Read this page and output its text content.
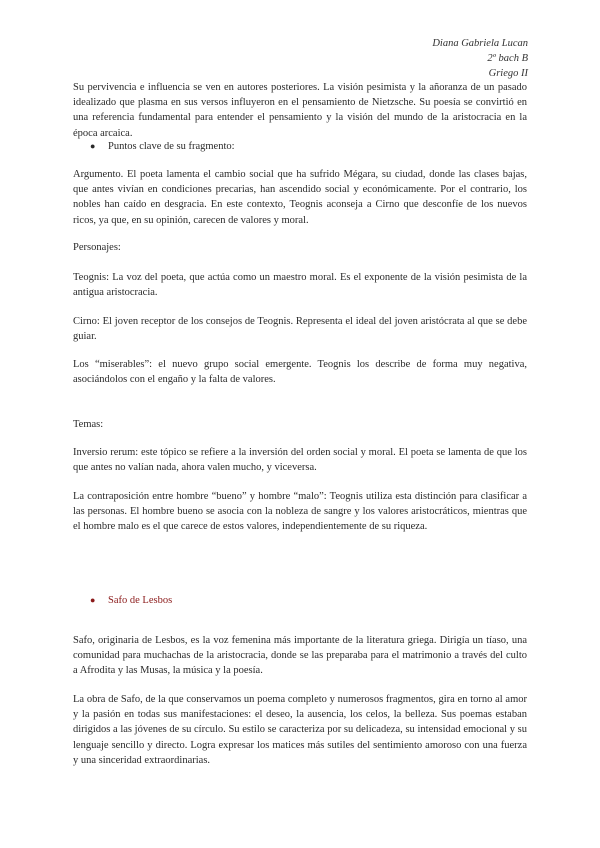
Diana Gabriela Lucan
2º bach B
Griego II

Su pervivencia e influencia se ven en autores posteriores. La visión pesimista y la añoranza de un pasado idealizado que plasma en sus versos influyeron en el pensamiento de Nietzsche. Su poesía se convirtió en una referencia fundamental para entender el pensamiento y la visión del mundo de la aristocracia en la época arcaica.

● Puntos clave de su fragmento:

Argumento. El poeta lamenta el cambio social que ha sufrido Mégara, su ciudad, donde las clases bajas, que antes vivían en condiciones precarias, han ascendido social y económicamente. Por el contrario, los nobles han caído en desgracia. En este contexto, Teognis aconseja a Cirno que desconfíe de los nuevos ricos, ya que, en su opinión, carecen de valores y moral.

Personajes:

Teognis: La voz del poeta, que actúa como un maestro moral. Es el exponente de la visión pesimista de la antigua aristocracia.

Cirno: El joven receptor de los consejos de Teognis. Representa el ideal del joven aristócrata al que se debe guiar.

Los “miserables”: el nuevo grupo social emergente. Teognis los describe de forma muy negativa, asociándolos con el engaño y la falta de valores.

Temas:

Inversio rerum: este tópico se refiere a la inversión del orden social y moral. El poeta se lamenta de que los que antes no valían nada, ahora valen mucho, y viceversa.

La contraposición entre hombre “bueno” y hombre “malo”: Teognis utiliza esta distinción para clasificar a las personas. El hombre bueno se asocia con la nobleza de sangre y los valores aristocráticos, mientras que el hombre malo es el que carece de estos valores, independientemente de su riqueza.

● Safo de Lesbos

Safo, originaria de Lesbos, es la voz femenina más importante de la literatura griega. Dirigía un tíaso, una comunidad para muchachas de la aristocracia, donde se las preparaba para el matrimonio a través del culto a Afrodita y las Musas, la música y la poesía.

La obra de Safo, de la que conservamos un poema completo y numerosos fragmentos, gira en torno al amor y la pasión en todas sus manifestaciones: el deseo, la ausencia, los celos, la belleza. Sus poemas estaban dirigidos a las jóvenes de su círculo. Su estilo se caracteriza por su delicadeza, su intensidad emocional y su lenguaje sencillo y directo. Logra expresar los matices más sutiles del sentimiento amoroso con una fuerza y una sinceridad extraordinarias.
